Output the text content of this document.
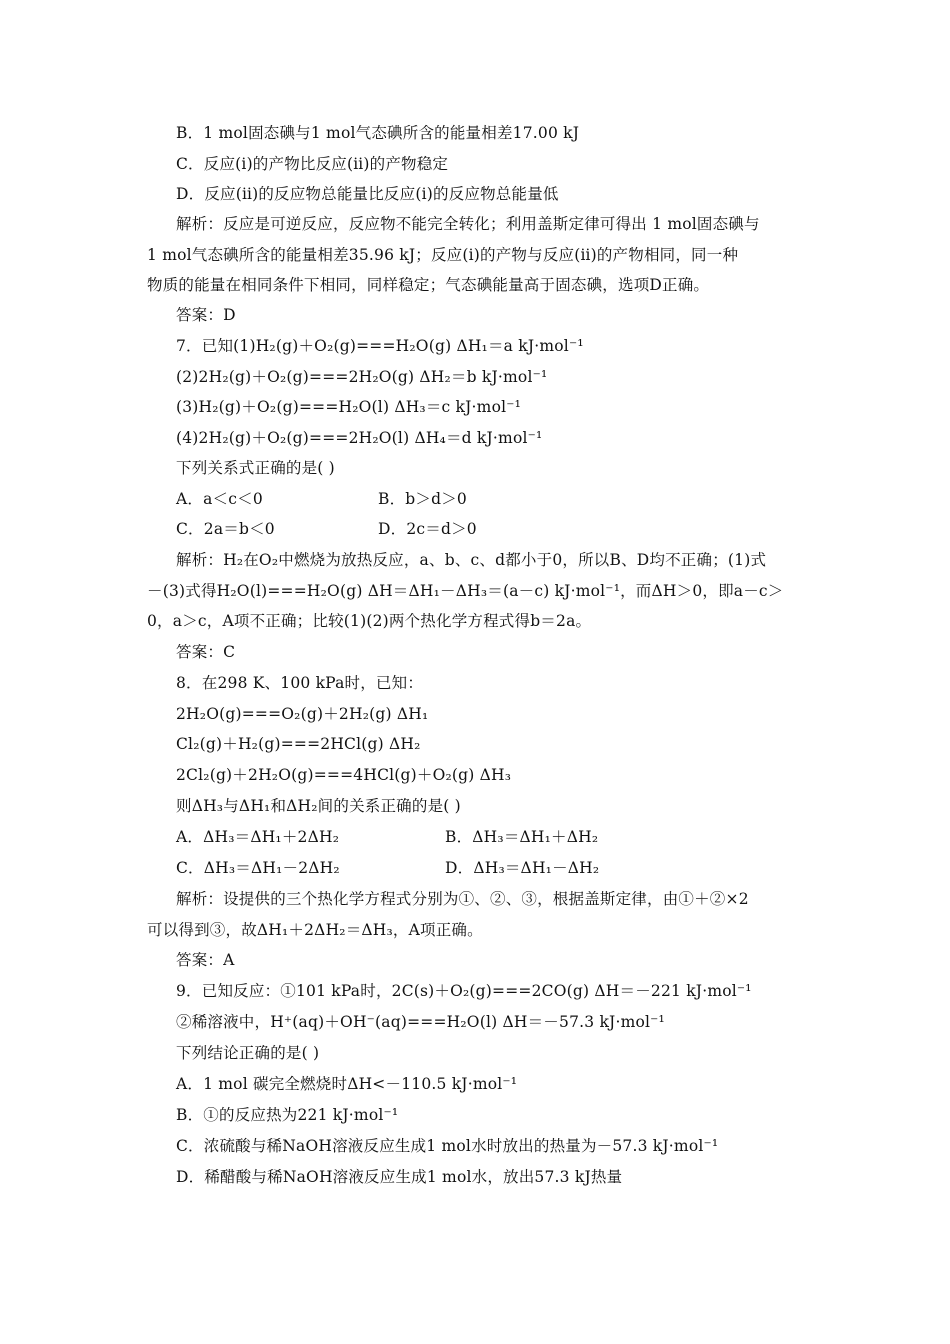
B．1 mol固态碘与1 mol气态碘所含的能量相差17.00 kJ
C．反应(ⅰ)的产物比反应(ⅱ)的产物稳定
D．反应(ⅱ)的反应物总能量比反应(ⅰ)的反应物总能量低
解析：反应是可逆反应，反应物不能完全转化；利用盖斯定律可得出 1 mol固态碘与
1 mol气态碘所含的能量相差35.96 kJ；反应(ⅰ)的产物与反应(ⅱ)的产物相同，同一种
物质的能量在相同条件下相同，同样稳定；气态碘能量高于固态碘，选项D正确。
答案：D
7．已知(1)H₂(g)＋O₂(g)===H₂O(g) ΔH₁＝a kJ·mol⁻¹
(2)2H₂(g)＋O₂(g)===2H₂O(g) ΔH₂＝b kJ·mol⁻¹
(3)H₂(g)＋O₂(g)===H₂O(l) ΔH₃＝c kJ·mol⁻¹
(4)2H₂(g)＋O₂(g)===2H₂O(l) ΔH₄＝d kJ·mol⁻¹
下列关系式正确的是( )
A．a＜c＜0	B．b＞d＞0
C．2a＝b＜0	D．2c＝d＞0
解析：H₂在O₂中燃烧为放热反应，a、b、c、d都小于0，所以B、D均不正确；(1)式
－(3)式得H₂O(l)===H₂O(g) ΔH＝ΔH₁－ΔH₃＝(a－c) kJ·mol⁻¹，而ΔH＞0，即a－c＞
0，a＞c，A项不正确；比较(1)(2)两个热化学方程式得b＝2a。
答案：C
8．在298 K、100 kPa时，已知：
2H₂O(g)===O₂(g)＋2H₂(g) ΔH₁
Cl₂(g)＋H₂(g)===2HCl(g) ΔH₂
2Cl₂(g)＋2H₂O(g)===4HCl(g)＋O₂(g) ΔH₃
则ΔH₃与ΔH₁和ΔH₂间的关系正确的是( )
A．ΔH₃＝ΔH₁＋2ΔH₂	B．ΔH₃＝ΔH₁＋ΔH₂
C．ΔH₃＝ΔH₁－2ΔH₂	D．ΔH₃＝ΔH₁－ΔH₂
解析：设提供的三个热化学方程式分别为①、②、③，根据盖斯定律，由①＋②×2
可以得到③，故ΔH₁＋2ΔH₂＝ΔH₃，A项正确。
答案：A
9．已知反应：①101 kPa时，2C(s)＋O₂(g)===2CO(g) ΔH＝－221 kJ·mol⁻¹
②稀溶液中，H⁺(aq)＋OH⁻(aq)===H₂O(l) ΔH＝－57.3 kJ·mol⁻¹
下列结论正确的是( )
A．1 mol 碳完全燃烧时ΔH<－110.5 kJ·mol⁻¹
B．①的反应热为221 kJ·mol⁻¹
C．浓硫酸与稀NaOH溶液反应生成1 mol水时放出的热量为－57.3 kJ·mol⁻¹
D．稀醋酸与稀NaOH溶液反应生成1 mol水，放出57.3 kJ热量
